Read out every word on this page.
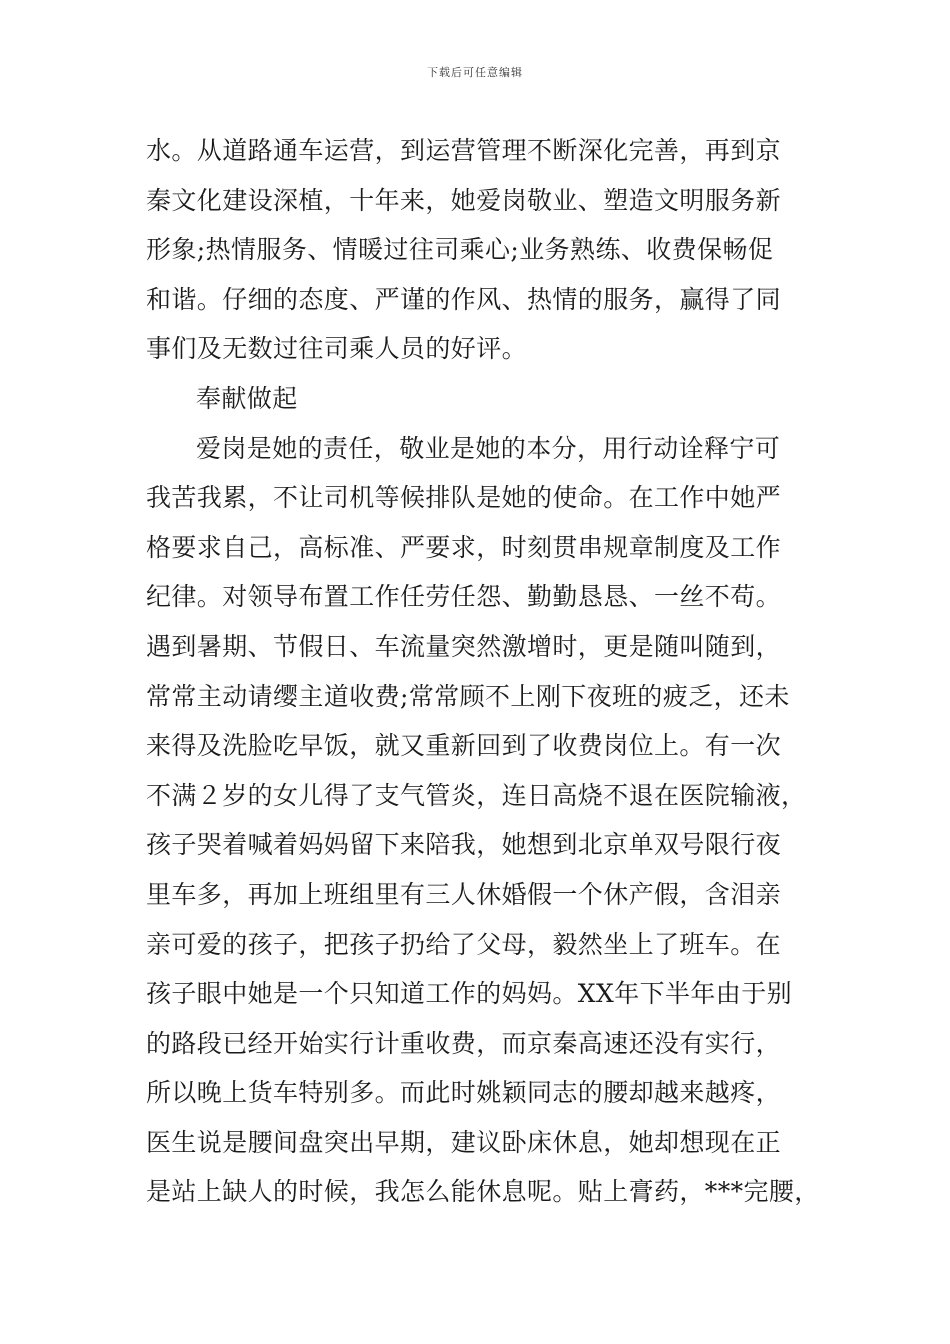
下载后可任意编辑
水。从道路通车运营，到运营管理不断深化完善，再到京
秦文化建设深植，十年来，她爱岗敬业、塑造文明服务新
形象;热情服务、情暖过往司乘心;业务熟练、收费保畅促
和谐。仔细的态度、严谨的作风、热情的服务，赢得了同
事们及无数过往司乘人员的好评。
奉献做起
爱岗是她的责任，敬业是她的本分，用行动诠释宁可
我苦我累，不让司机等候排队是她的使命。在工作中她严
格要求自己，高标准、严要求，时刻贯串规章制度及工作
纪律。对领导布置工作任劳任怨、勤勤恳恳、一丝不苟。
遇到暑期、节假日、车流量突然激增时，更是随叫随到，
常常主动请缨主道收费;常常顾不上刚下夜班的疲乏，还未
来得及洗脸吃早饭，就又重新回到了收费岗位上。有一次
不满２岁的女儿得了支气管炎，连日高烧不退在医院输液，
孩子哭着喊着妈妈留下来陪我，她想到北京单双号限行夜
里车多，再加上班组里有三人休婚假一个休产假，含泪亲
亲可爱的孩子，把孩子扔给了父母，毅然坐上了班车。在
孩子眼中她是一个只知道工作的妈妈。XX年下半年由于别
的路段已经开始实行计重收费，而京秦高速还没有实行，
所以晚上货车特别多。而此时姚颖同志的腰却越来越疼，
医生说是腰间盘突出早期，建议卧床休息，她却想现在正
是站上缺人的时候，我怎么能休息呢。贴上膏药，***完腰，
